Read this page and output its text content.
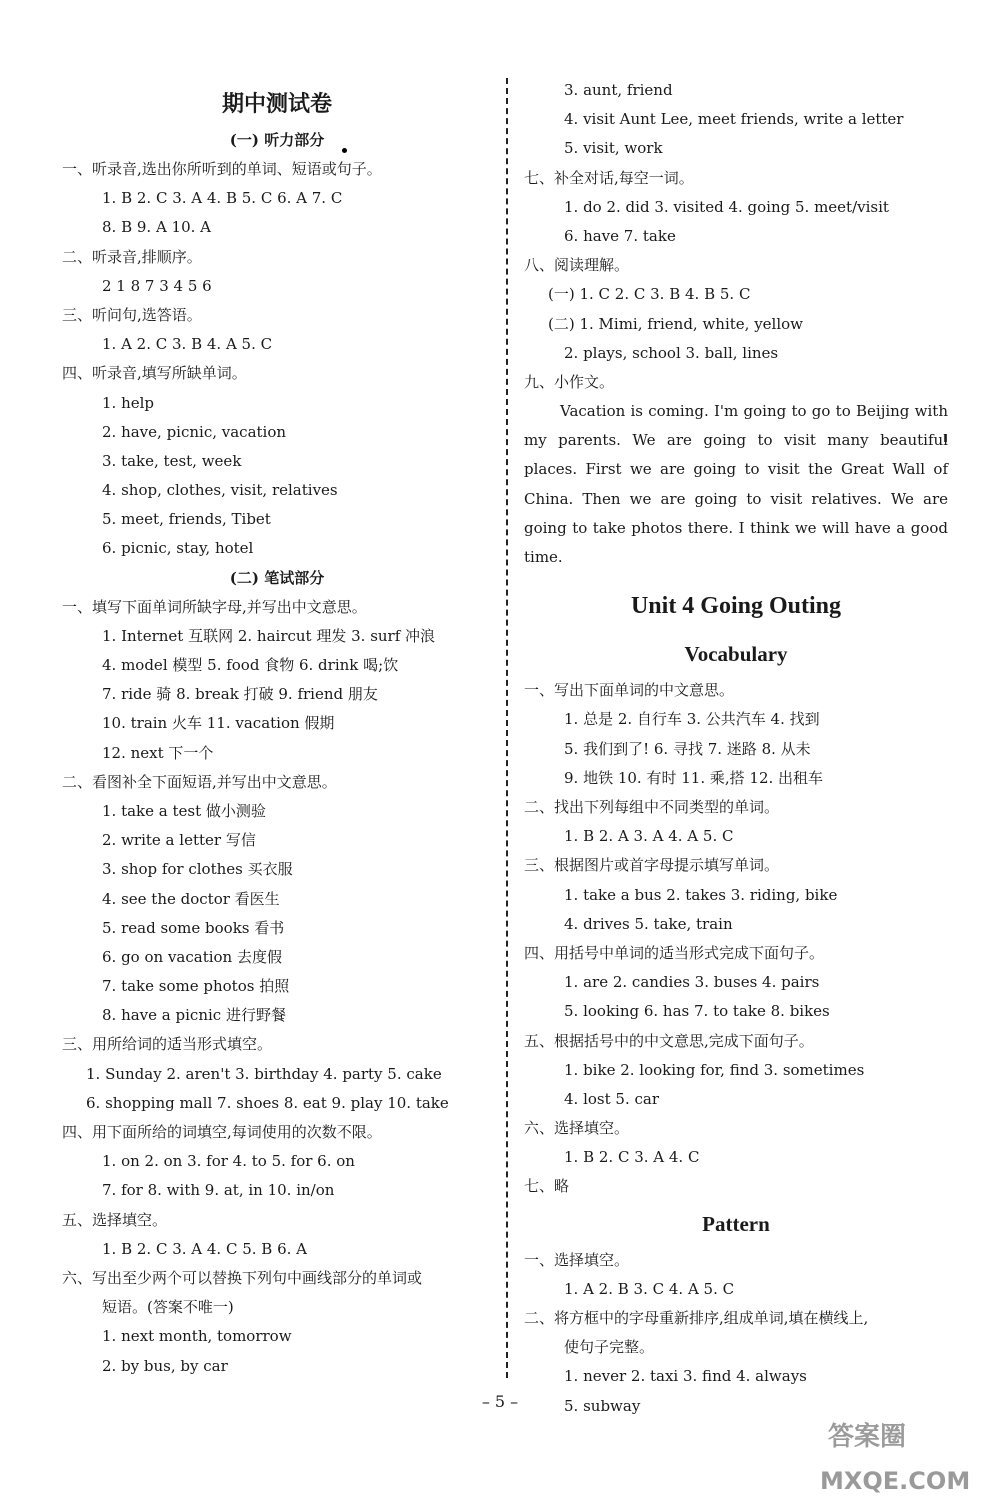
期中测试卷
(一) 听力部分
一、听录音,选出你所听到的单词、短语或句子。
1. B 2. C 3. A 4. B 5. C 6. A 7. C
8. B 9. A 10. A
二、听录音,排顺序。
2 1 8 7 3 4 5 6
三、听问句,选答语。
1. A 2. C 3. B 4. A 5. C
四、听录音,填写所缺单词。
1. help
2. have, picnic, vacation
3. take, test, week
4. shop, clothes, visit, relatives
5. meet, friends, Tibet
6. picnic, stay, hotel
(二) 笔试部分
一、填写下面单词所缺字母,并写出中文意思。
1. Internet 互联网 2. haircut 理发 3. surf 冲浪
4. model 模型 5. food 食物 6. drink 喝;饮
7. ride 骑 8. break 打破 9. friend 朋友
10. train 火车 11. vacation 假期
12. next 下一个
二、看图补全下面短语,并写出中文意思。
1. take a test 做小测验
2. write a letter 写信
3. shop for clothes 买衣服
4. see the doctor 看医生
5. read some books 看书
6. go on vacation 去度假
7. take some photos 拍照
8. have a picnic 进行野餐
三、用所给词的适当形式填空。
1. Sunday 2. aren't 3. birthday 4. party 5. cake
6. shopping mall 7. shoes 8. eat 9. play 10. take
四、用下面所给的词填空,每词使用的次数不限。
1. on 2. on 3. for 4. to 5. for 6. on
7. for 8. with 9. at, in 10. in/on
五、选择填空。
1. B 2. C 3. A 4. C 5. B 6. A
六、写出至少两个可以替换下列句中画线部分的单词或
短语。(答案不唯一)
1. next month, tomorrow
2. by bus, by car
3. aunt, friend
4. visit Aunt Lee, meet friends, write a letter
5. visit, work
七、补全对话,每空一词。
1. do 2. did 3. visited 4. going 5. meet/visit
6. have 7. take
八、阅读理解。
(一) 1. C 2. C 3. B 4. B 5. C
(二) 1. Mimi, friend, white, yellow
2. plays, school 3. ball, lines
九、小作文。
Vacation is coming. I'm going to go to Beijing with my parents. We are going to visit many beautiful places. First we are going to visit the Great Wall of China. Then we are going to visit relatives. We are going to take photos there. I think we will have a good time.
Unit 4 Going Outing
Vocabulary
一、写出下面单词的中文意思。
1. 总是 2. 自行车 3. 公共汽车 4. 找到
5. 我们到了! 6. 寻找 7. 迷路 8. 从未
9. 地铁 10. 有时 11. 乘,搭 12. 出租车
二、找出下列每组中不同类型的单词。
1. B 2. A 3. A 4. A 5. C
三、根据图片或首字母提示填写单词。
1. take a bus 2. takes 3. riding, bike
4. drives 5. take, train
四、用括号中单词的适当形式完成下面句子。
1. are 2. candies 3. buses 4. pairs
5. looking 6. has 7. to take 8. bikes
五、根据括号中的中文意思,完成下面句子。
1. bike 2. looking for, find 3. sometimes
4. lost 5. car
六、选择填空。
1. B 2. C 3. A 4. C
七、略
Pattern
一、选择填空。
1. A 2. B 3. C 4. A 5. C
二、将方框中的字母重新排序,组成单词,填在横线上,
使句子完整。
1. never 2. taxi 3. find 4. always
5. subway
– 5 –
答案圈
MXQE.COM
